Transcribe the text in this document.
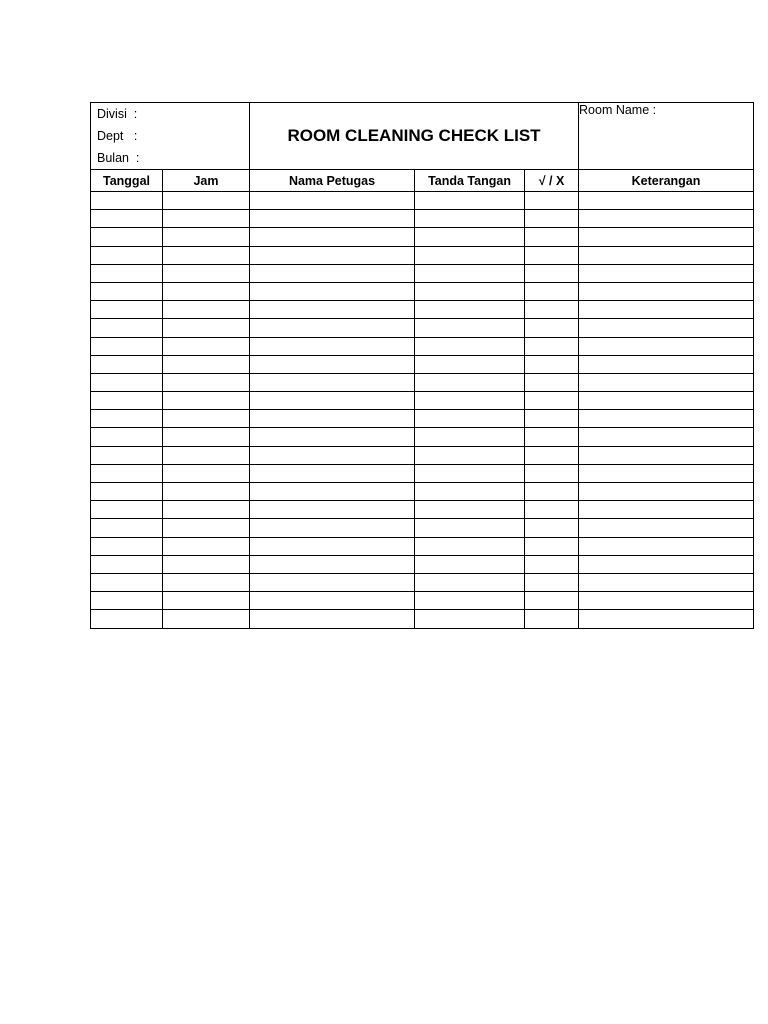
Divisi  :
Dept   :
Bulan  :		ROOM CLEANING CHECK LIST			Room Name :
Tanggal	Jam	Nama Petugas	Tanda Tangan	√ / X	Keterangan
